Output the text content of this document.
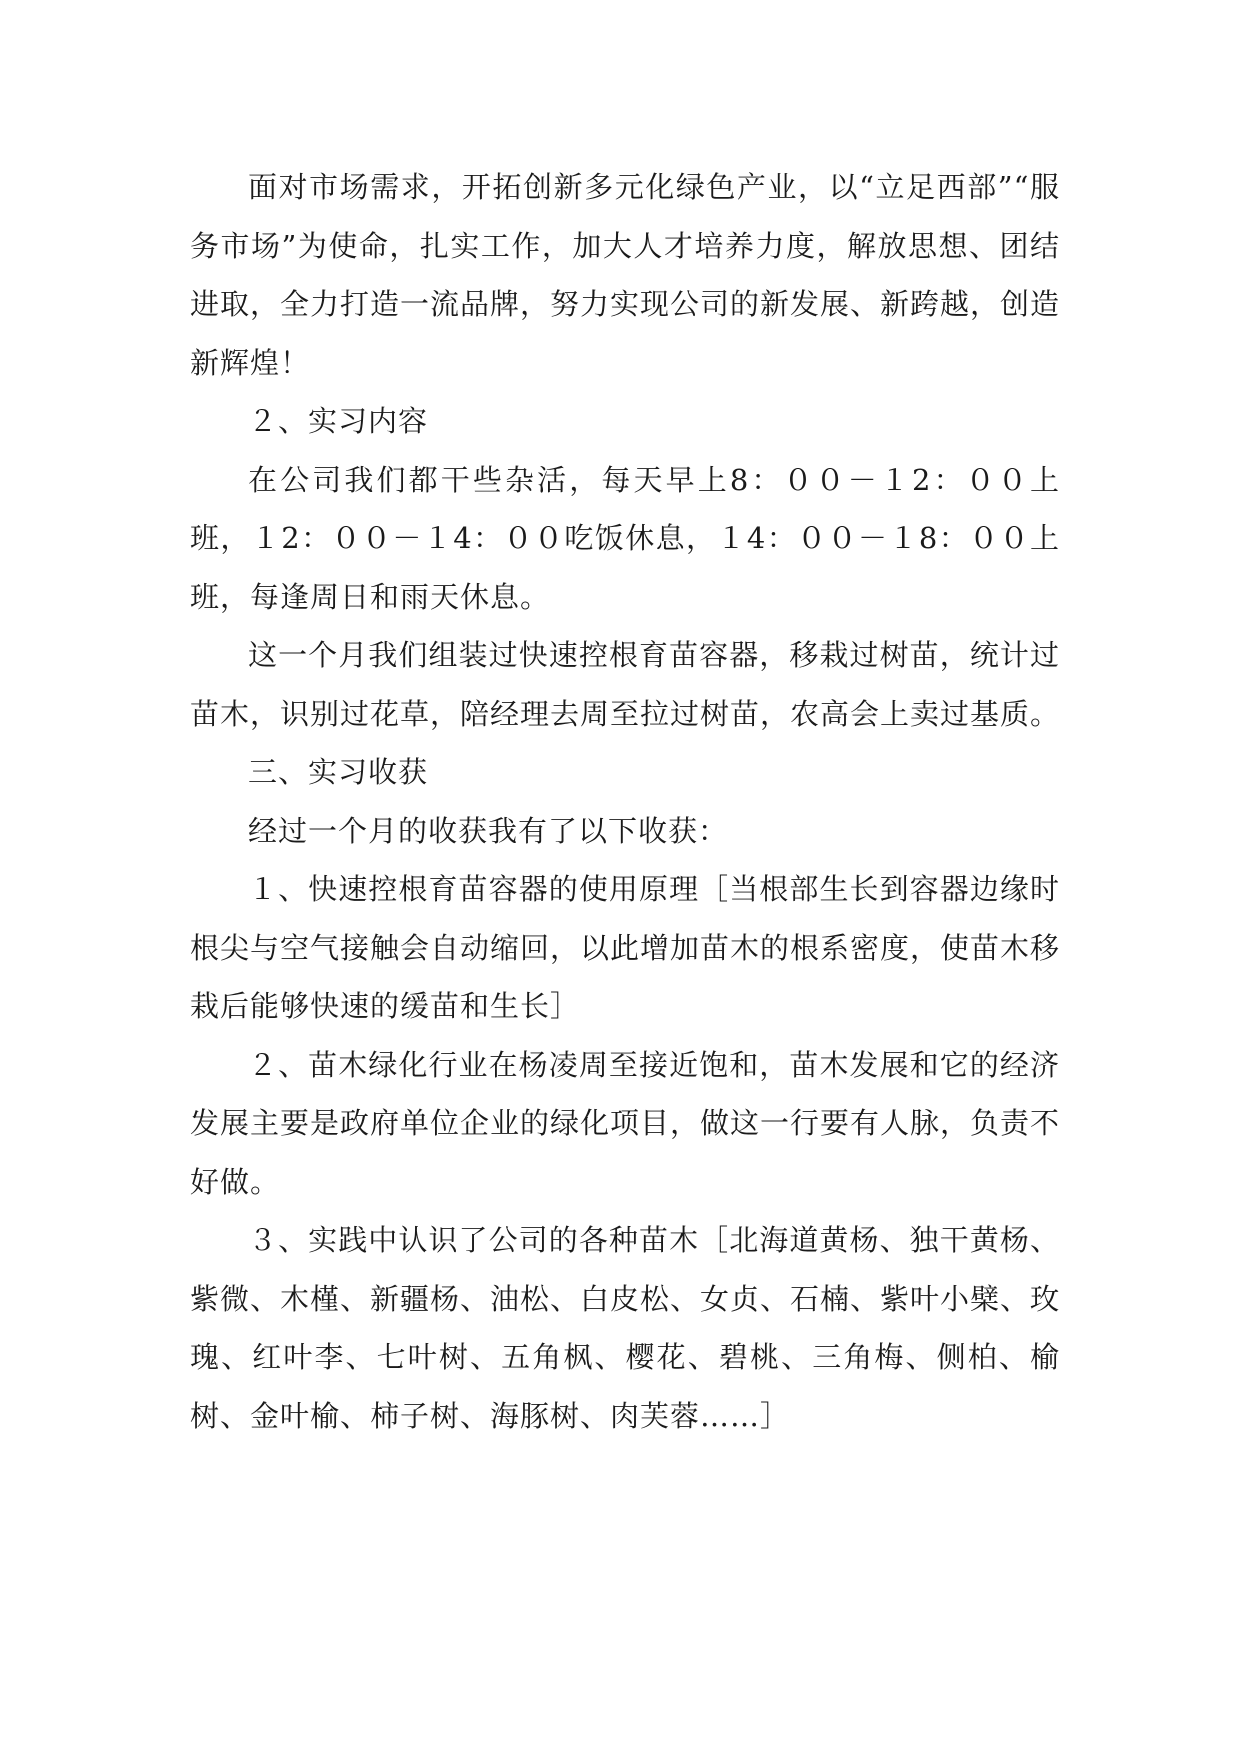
面对市场需求，开拓创新多元化绿色产业，以“立足西部”“服务市场”为使命，扎实工作，加大人才培养力度，解放思想、团结进取，全力打造一流品牌，努力实现公司的新发展、新跨越，创造新辉煌！

２、实习内容

在公司我们都干些杂活，每天早上8：００－１2：００上班，１2：００－１4：００吃饭休息，１4：００－１8：００上班，每逢周日和雨天休息。

这一个月我们组装过快速控根育苗容器，移栽过树苗，统计过苗木，识别过花草，陪经理去周至拉过树苗，农高会上卖过基质。

三、实习收获

经过一个月的收获我有了以下收获：

１、快速控根育苗容器的使用原理［当根部生长到容器边缘时根尖与空气接触会自动缩回，以此增加苗木的根系密度，使苗木移栽后能够快速的缓苗和生长］

２、苗木绿化行业在杨凌周至接近饱和，苗木发展和它的经济发展主要是政府单位企业的绿化项目，做这一行要有人脉，负责不好做。

３、实践中认识了公司的各种苗木［北海道黄杨、独干黄杨、紫微、木槿、新疆杨、油松、白皮松、女贞、石楠、紫叶小檗、玫瑰、红叶李、七叶树、五角枫、樱花、碧桃、三角梅、侧柏、榆树、金叶榆、柿子树、海豚树、肉芙蓉……］
